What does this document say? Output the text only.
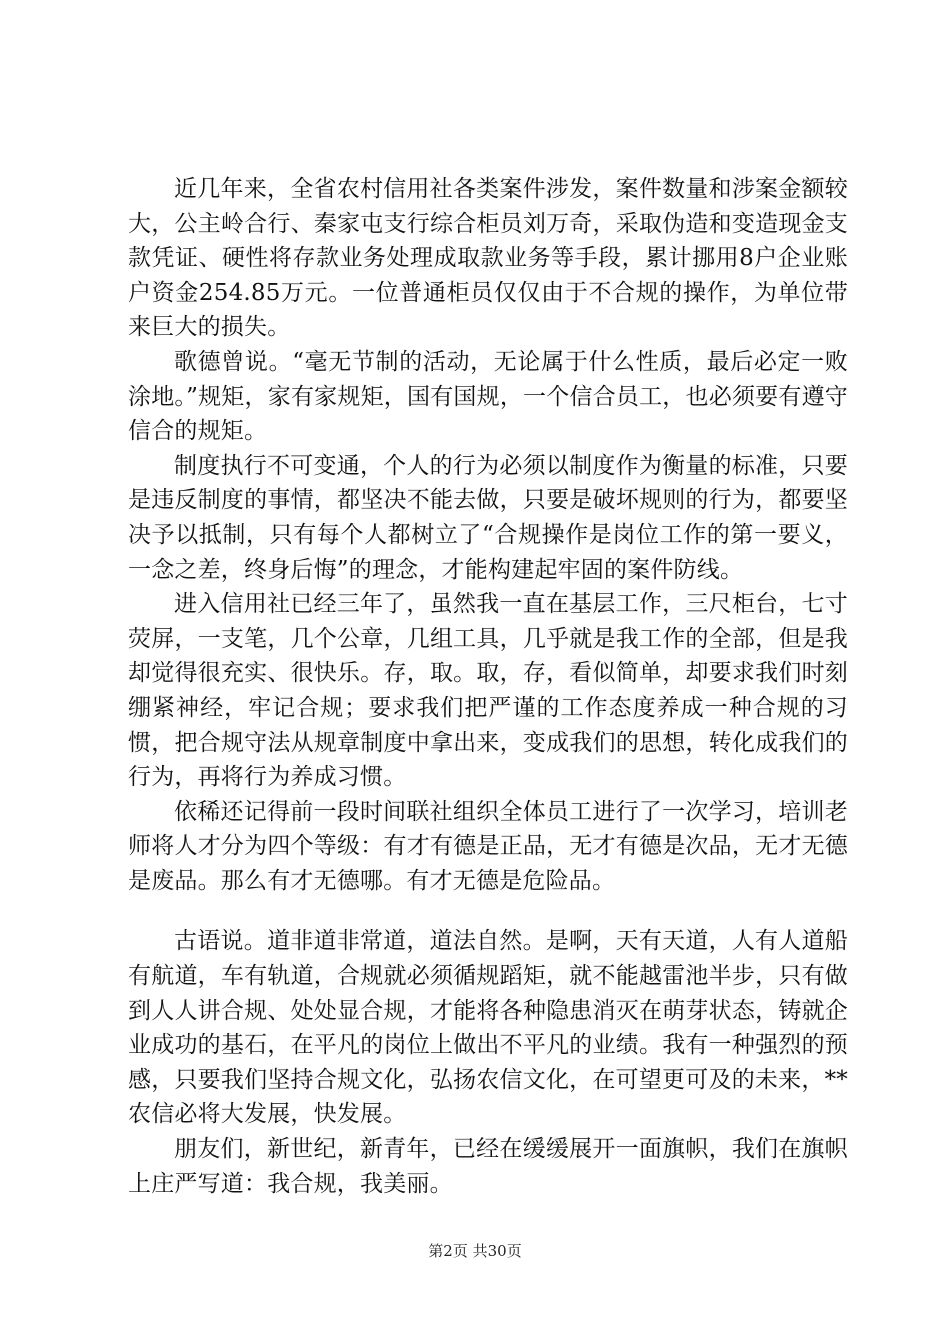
近几年来，全省农村信用社各类案件涉发，案件数量和涉案金额较大，公主岭合行、秦家屯支行综合柜员刘万奇，采取伪造和变造现金支款凭证、硬性将存款业务处理成取款业务等手段，累计挪用8户企业账户资金254.85万元。一位普通柜员仅仅由于不合规的操作，为单位带来巨大的损失。

歌德曾说。“毫无节制的活动，无论属于什么性质，最后必定一败涂地。”规矩，家有家规矩，国有国规，一个信合员工，也必须要有遵守信合的规矩。

制度执行不可变通，个人的行为必须以制度作为衡量的标准，只要是违反制度的事情，都坚决不能去做，只要是破坏规则的行为，都要坚决予以抵制，只有每个人都树立了“合规操作是岗位工作的第一要义，一念之差，终身后悔”的理念，才能构建起牢固的案件防线。

进入信用社已经三年了，虽然我一直在基层工作，三尺柜台，七寸荧屏，一支笔，几个公章，几组工具，几乎就是我工作的全部，但是我却觉得很充实、很快乐。存，取。取，存，看似简单，却要求我们时刻绷紧神经，牢记合规；要求我们把严谨的工作态度养成一种合规的习惯，把合规守法从规章制度中拿出来，变成我们的思想，转化成我们的行为，再将行为养成习惯。

依稀还记得前一段时间联社组织全体员工进行了一次学习，培训老师将人才分为四个等级：有才有德是正品，无才有德是次品，无才无德是废品。那么有才无德哪。有才无德是危险品。

古语说。道非道非常道，道法自然。是啊，天有天道，人有人道船有航道，车有轨道，合规就必须循规蹈矩，就不能越雷池半步，只有做到人人讲合规、处处显合规，才能将各种隐患消灭在萌芽状态，铸就企业成功的基石，在平凡的岗位上做出不平凡的业绩。我有一种强烈的预感，只要我们坚持合规文化，弘扬农信文化，在可望更可及的未来，**农信必将大发展，快发展。

朋友们，新世纪，新青年，已经在缓缓展开一面旗帜，我们在旗帜上庄严写道：我合规，我美丽。

第2页 共30页
